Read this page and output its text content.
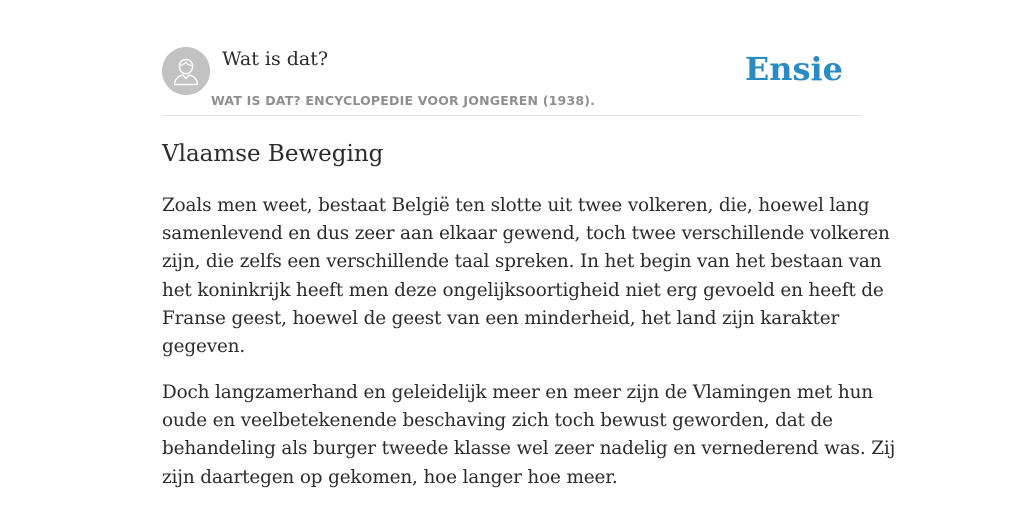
Wat is dat?
WAT IS DAT? ENCYCLOPEDIE VOOR JONGEREN (1938).
Ensie
Vlaamse Beweging

Zoals men weet, bestaat België ten slotte uit twee volkeren, die, hoewel lang
samenlevend en dus zeer aan elkaar gewend, toch twee verschillende volkeren
zijn, die zelfs een verschillende taal spreken. In het begin van het bestaan van
het koninkrijk heeft men deze ongelijksoortigheid niet erg gevoeld en heeft de
Franse geest, hoewel de geest van een minderheid, het land zijn karakter
gegeven.

Doch langzamerhand en geleidelijk meer en meer zijn de Vlamingen met hun
oude en veelbetekenende beschaving zich toch bewust geworden, dat de
behandeling als burger tweede klasse wel zeer nadelig en vernederend was. Zij
zijn daartegen op gekomen, hoe langer hoe meer.
